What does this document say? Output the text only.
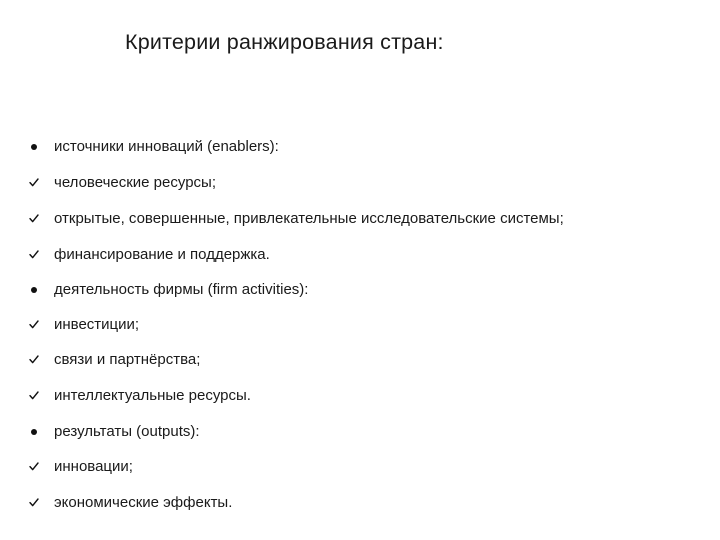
Критерии ранжирования стран:
источники инноваций (enablers):
человеческие ресурсы;
открытые, совершенные, привлекательные исследовательские системы;
финансирование и поддержка.
деятельность фирмы (firm activities):
инвестиции;
связи и партнёрства;
интеллектуальные ресурсы.
результаты (outputs):
инновации;
экономические эффекты.
